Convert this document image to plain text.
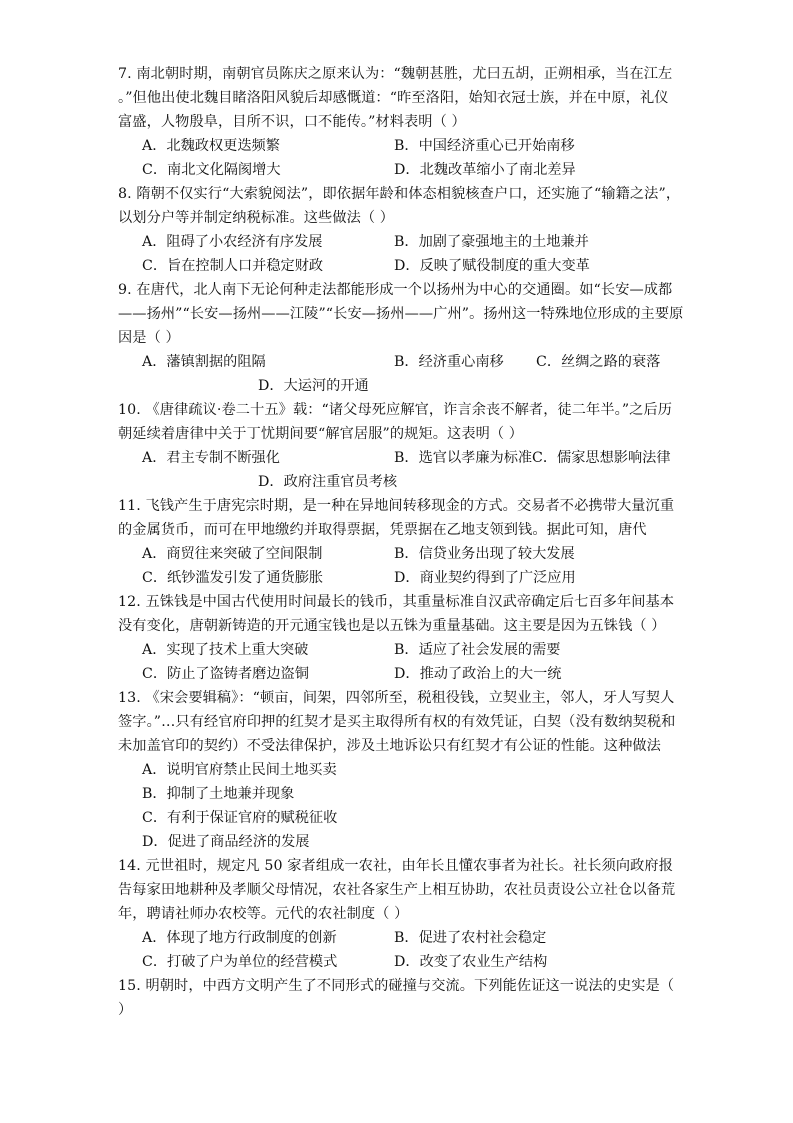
7. 南北朝时期，南朝官员陈庆之原来认为：“魏朝甚胜，尤曰五胡，正朔相承，当在江左
。”但他出使北魏目睹洛阳风貌后却感慨道：“昨至洛阳，始知衣冠士族，并在中原，礼仪
富盛，人物殷阜，目所不识，口不能传。”材料表明（ ）
A．北魏政权更迭频繁	B．中国经济重心已开始南移
C．南北文化隔阂增大	D．北魏改革缩小了南北差异
8. 隋朝不仅实行“大索貌阅法”，即依据年龄和体态相貌核查户口，还实施了“输籍之法”，
以划分户等并制定纳税标准。这些做法（ ）
A．阻碍了小农经济有序发展	B．加剧了豪强地主的土地兼并
C．旨在控制人口并稳定财政	D．反映了赋役制度的重大变革
9. 在唐代，北人南下无论何种走法都能形成一个以扬州为中心的交通圈。如“长安—成都
——扬州”“长安—扬州——江陵”“长安—扬州——广州”。扬州这一特殊地位形成的主要原
因是（ ）
A．藩镇割据的阻隔	B．经济重心南移 C．丝绸之路的衰落
D．大运河的开通
10. 《唐律疏议·卷二十五》载：“诸父母死应解官，诈言余丧不解者，徒二年半。”之后历
朝延续着唐律中关于丁忧期间要“解官居服”的规矩。这表明（ ）
A．君主专制不断强化	B．选官以孝廉为标准 C．儒家思想影响法律
D．政府注重官员考核
11. 飞钱产生于唐宪宗时期，是一种在异地间转移现金的方式。交易者不必携带大量沉重
的金属货币，而可在甲地缴约并取得票据，凭票据在乙地支领到钱。据此可知，唐代
A．商贸往来突破了空间限制	B．信贷业务出现了较大发展
C．纸钞滥发引发了通货膨胀	D．商业契约得到了广泛应用
12. 五铢钱是中国古代使用时间最长的钱币，其重量标准自汉武帝确定后七百多年间基本
没有变化，唐朝新铸造的开元通宝钱也是以五铢为重量基础。这主要是因为五铢钱（ ）
A．实现了技术上重大突破	B．适应了社会发展的需要
C．防止了盗铸者磨边盗铜	D．推动了政治上的大一统
13. 《宋会要辑稿》：“顿亩，间架，四邻所至，税租役钱，立契业主，邻人，牙人写契人
签字。”…只有经官府印押的红契才是买主取得所有权的有效凭证，白契（没有数纳契税和
未加盖官印的契约）不受法律保护，涉及土地诉讼只有红契才有公证的性能。这种做法
A．说明官府禁止民间土地买卖
B．抑制了土地兼并现象
C．有利于保证官府的赋税征收
D．促进了商品经济的发展
14. 元世祖时，规定凡 50 家者组成一农社，由年长且懂农事者为社长。社长须向政府报
告每家田地耕种及孝顺父母情况，农社各家生产上相互协助，农社员责设公立社仓以备荒
年，聘请社师办农校等。元代的农社制度（ ）
A．体现了地方行政制度的创新	B．促进了农村社会稳定
C．打破了户为单位的经营模式	D．改变了农业生产结构
15. 明朝时，中西方文明产生了不同形式的碰撞与交流。下列能佐证这一说法的史实是（
）
